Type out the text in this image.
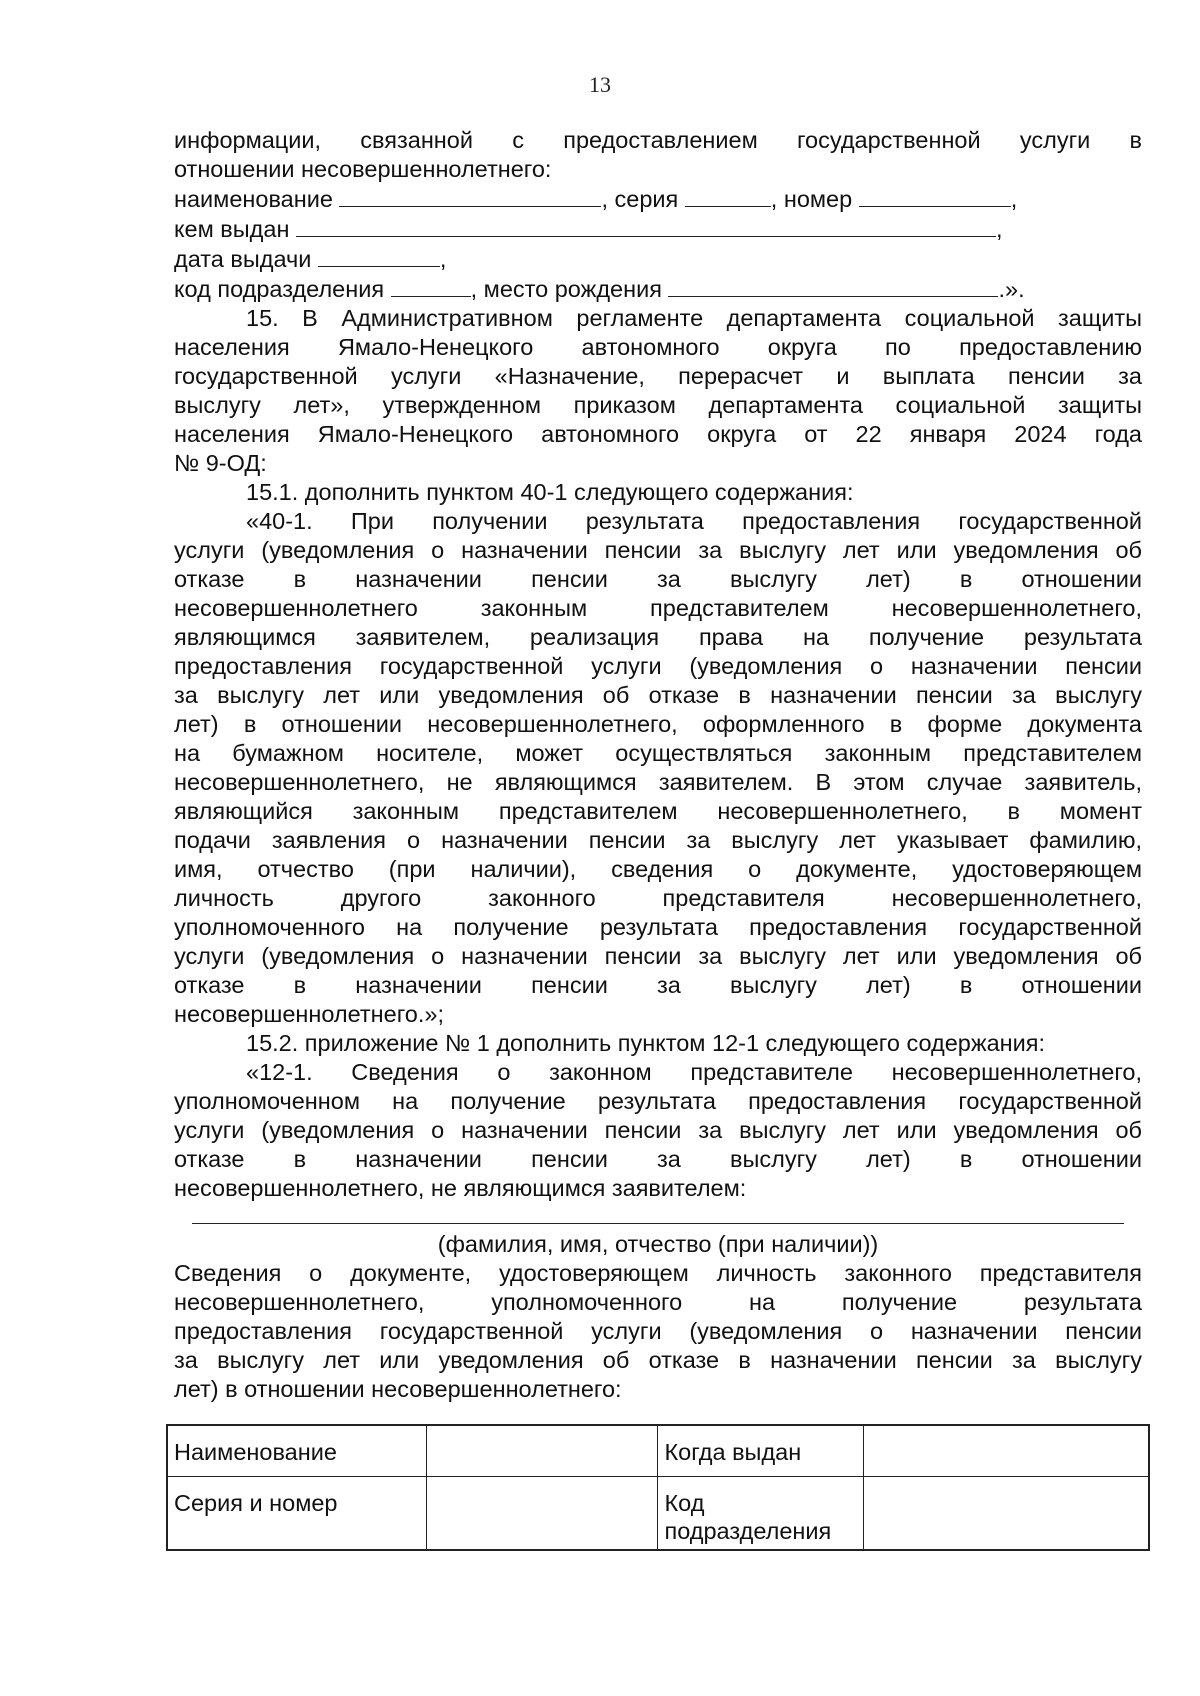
13

информации, связанной с предоставлением государственной услуги в

отношении несовершеннолетнего:

наименование	, серия	, номер	,

кем выдан	,

дата выдачи	,

код подразделения	, место рождения	.».

15. В Административном регламенте департамента социальной защиты

населения Ямало-Ненецкого автономного округа по предоставлению

государственной услуги «Назначение, перерасчет и выплата пенсии за

выслугу лет», утвержденном приказом департамента социальной защиты

населения Ямало-Ненецкого автономного округа от 22 января 2024 года

№ 9-ОД:

15.1. дополнить пунктом 40-1 следующего содержания:

«40-1. При получении результата предоставления государственной

услуги (уведомления о назначении пенсии за выслугу лет или уведомления об

отказе в назначении пенсии за выслугу лет) в отношении

несовершеннолетнего законным представителем несовершеннолетнего,

являющимся заявителем, реализация права на получение результата

предоставления государственной услуги (уведомления о назначении пенсии

за выслугу лет или уведомления об отказе в назначении пенсии за выслугу

лет) в отношении несовершеннолетнего, оформленного в форме документа

на бумажном носителе, может осуществляться законным представителем

несовершеннолетнего, не являющимся заявителем. В этом случае заявитель,

являющийся законным представителем несовершеннолетнего, в момент

подачи заявления о назначении пенсии за выслугу лет указывает фамилию,

имя, отчество (при наличии), сведения о документе, удостоверяющем

личность другого законного представителя несовершеннолетнего,

уполномоченного на получение результата предоставления государственной

услуги (уведомления о назначении пенсии за выслугу лет или уведомления об

отказе в назначении пенсии за выслугу лет) в отношении

несовершеннолетнего.»;

15.2. приложение № 1 дополнить пунктом 12-1 следующего содержания:

«12-1. Сведения о законном представителе несовершеннолетнего,

уполномоченном на получение результата предоставления государственной

услуги (уведомления о назначении пенсии за выслугу лет или уведомления об

отказе в назначении пенсии за выслугу лет) в отношении

несовершеннолетнего, не являющимся заявителем:

(фамилия, имя, отчество (при наличии))

Сведения о документе, удостоверяющем личность законного представителя

несовершеннолетнего, уполномоченного на получение результата

предоставления государственной услуги (уведомления о назначении пенсии

за выслугу лет или уведомления об отказе в назначении пенсии за выслугу

лет) в отношении несовершеннолетнего:

Наименование		Когда выдан	
Серия и номер		Код
подразделения	
